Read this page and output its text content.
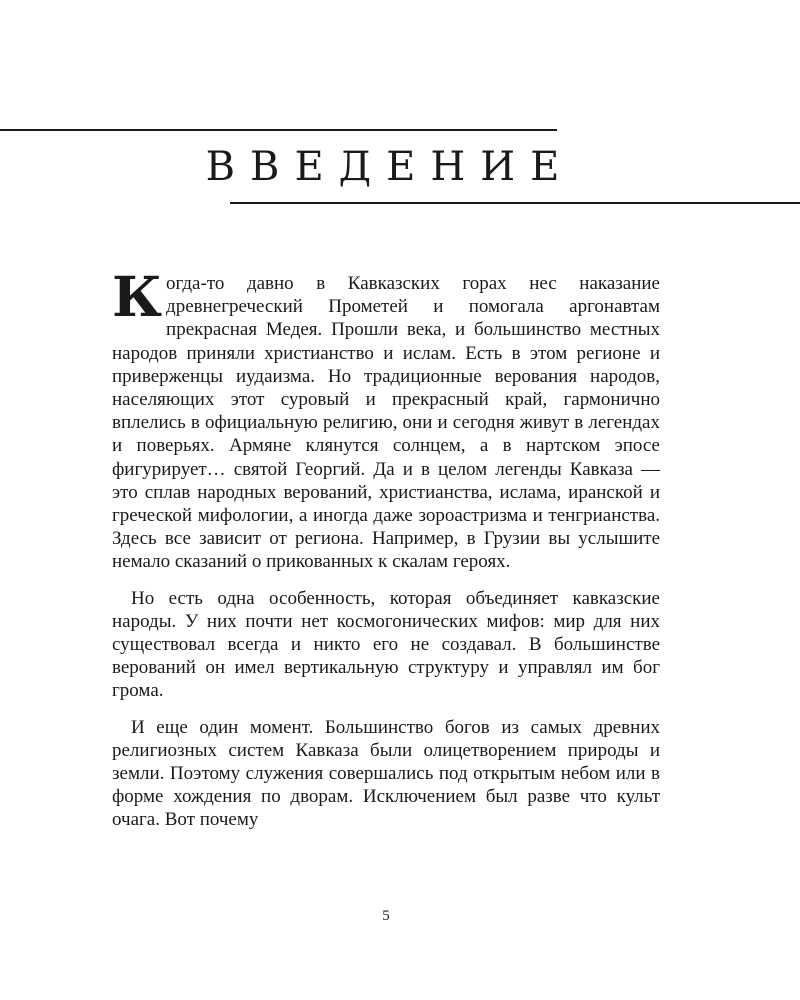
ВВЕДЕНИЕ

Когда-то давно в Кавказских горах нес наказание древнегреческий Прометей и помогала аргонавтам прекрасная Медея. Прошли века, и большинство местных народов приняли христианство и ислам. Есть в этом регионе и приверженцы иудаизма. Но традиционные верования народов, населяющих этот суровый и прекрасный край, гармонично вплелись в официальную религию, они и сегодня живут в легендах и поверьях. Армяне клянутся солнцем, а в нартском эпосе фигурирует… святой Георгий. Да и в целом легенды Кавказа — это сплав народных верований, христианства, ислама, иранской и греческой мифологии, а иногда даже зороастризма и тенгрианства. Здесь все зависит от региона. Например, в Грузии вы услышите немало сказаний о прикованных к скалам героях.

Но есть одна особенность, которая объединяет кавказские народы. У них почти нет космогонических мифов: мир для них существовал всегда и никто его не создавал. В большинстве верований он имел вертикальную структуру и управлял им бог грома.

И еще один момент. Большинство богов из самых древних религиозных систем Кавказа были олицетворением природы и земли. Поэтому служения совершались под открытым небом или в форме хождения по дворам. Исключением был разве что культ очага. Вот почему

5
